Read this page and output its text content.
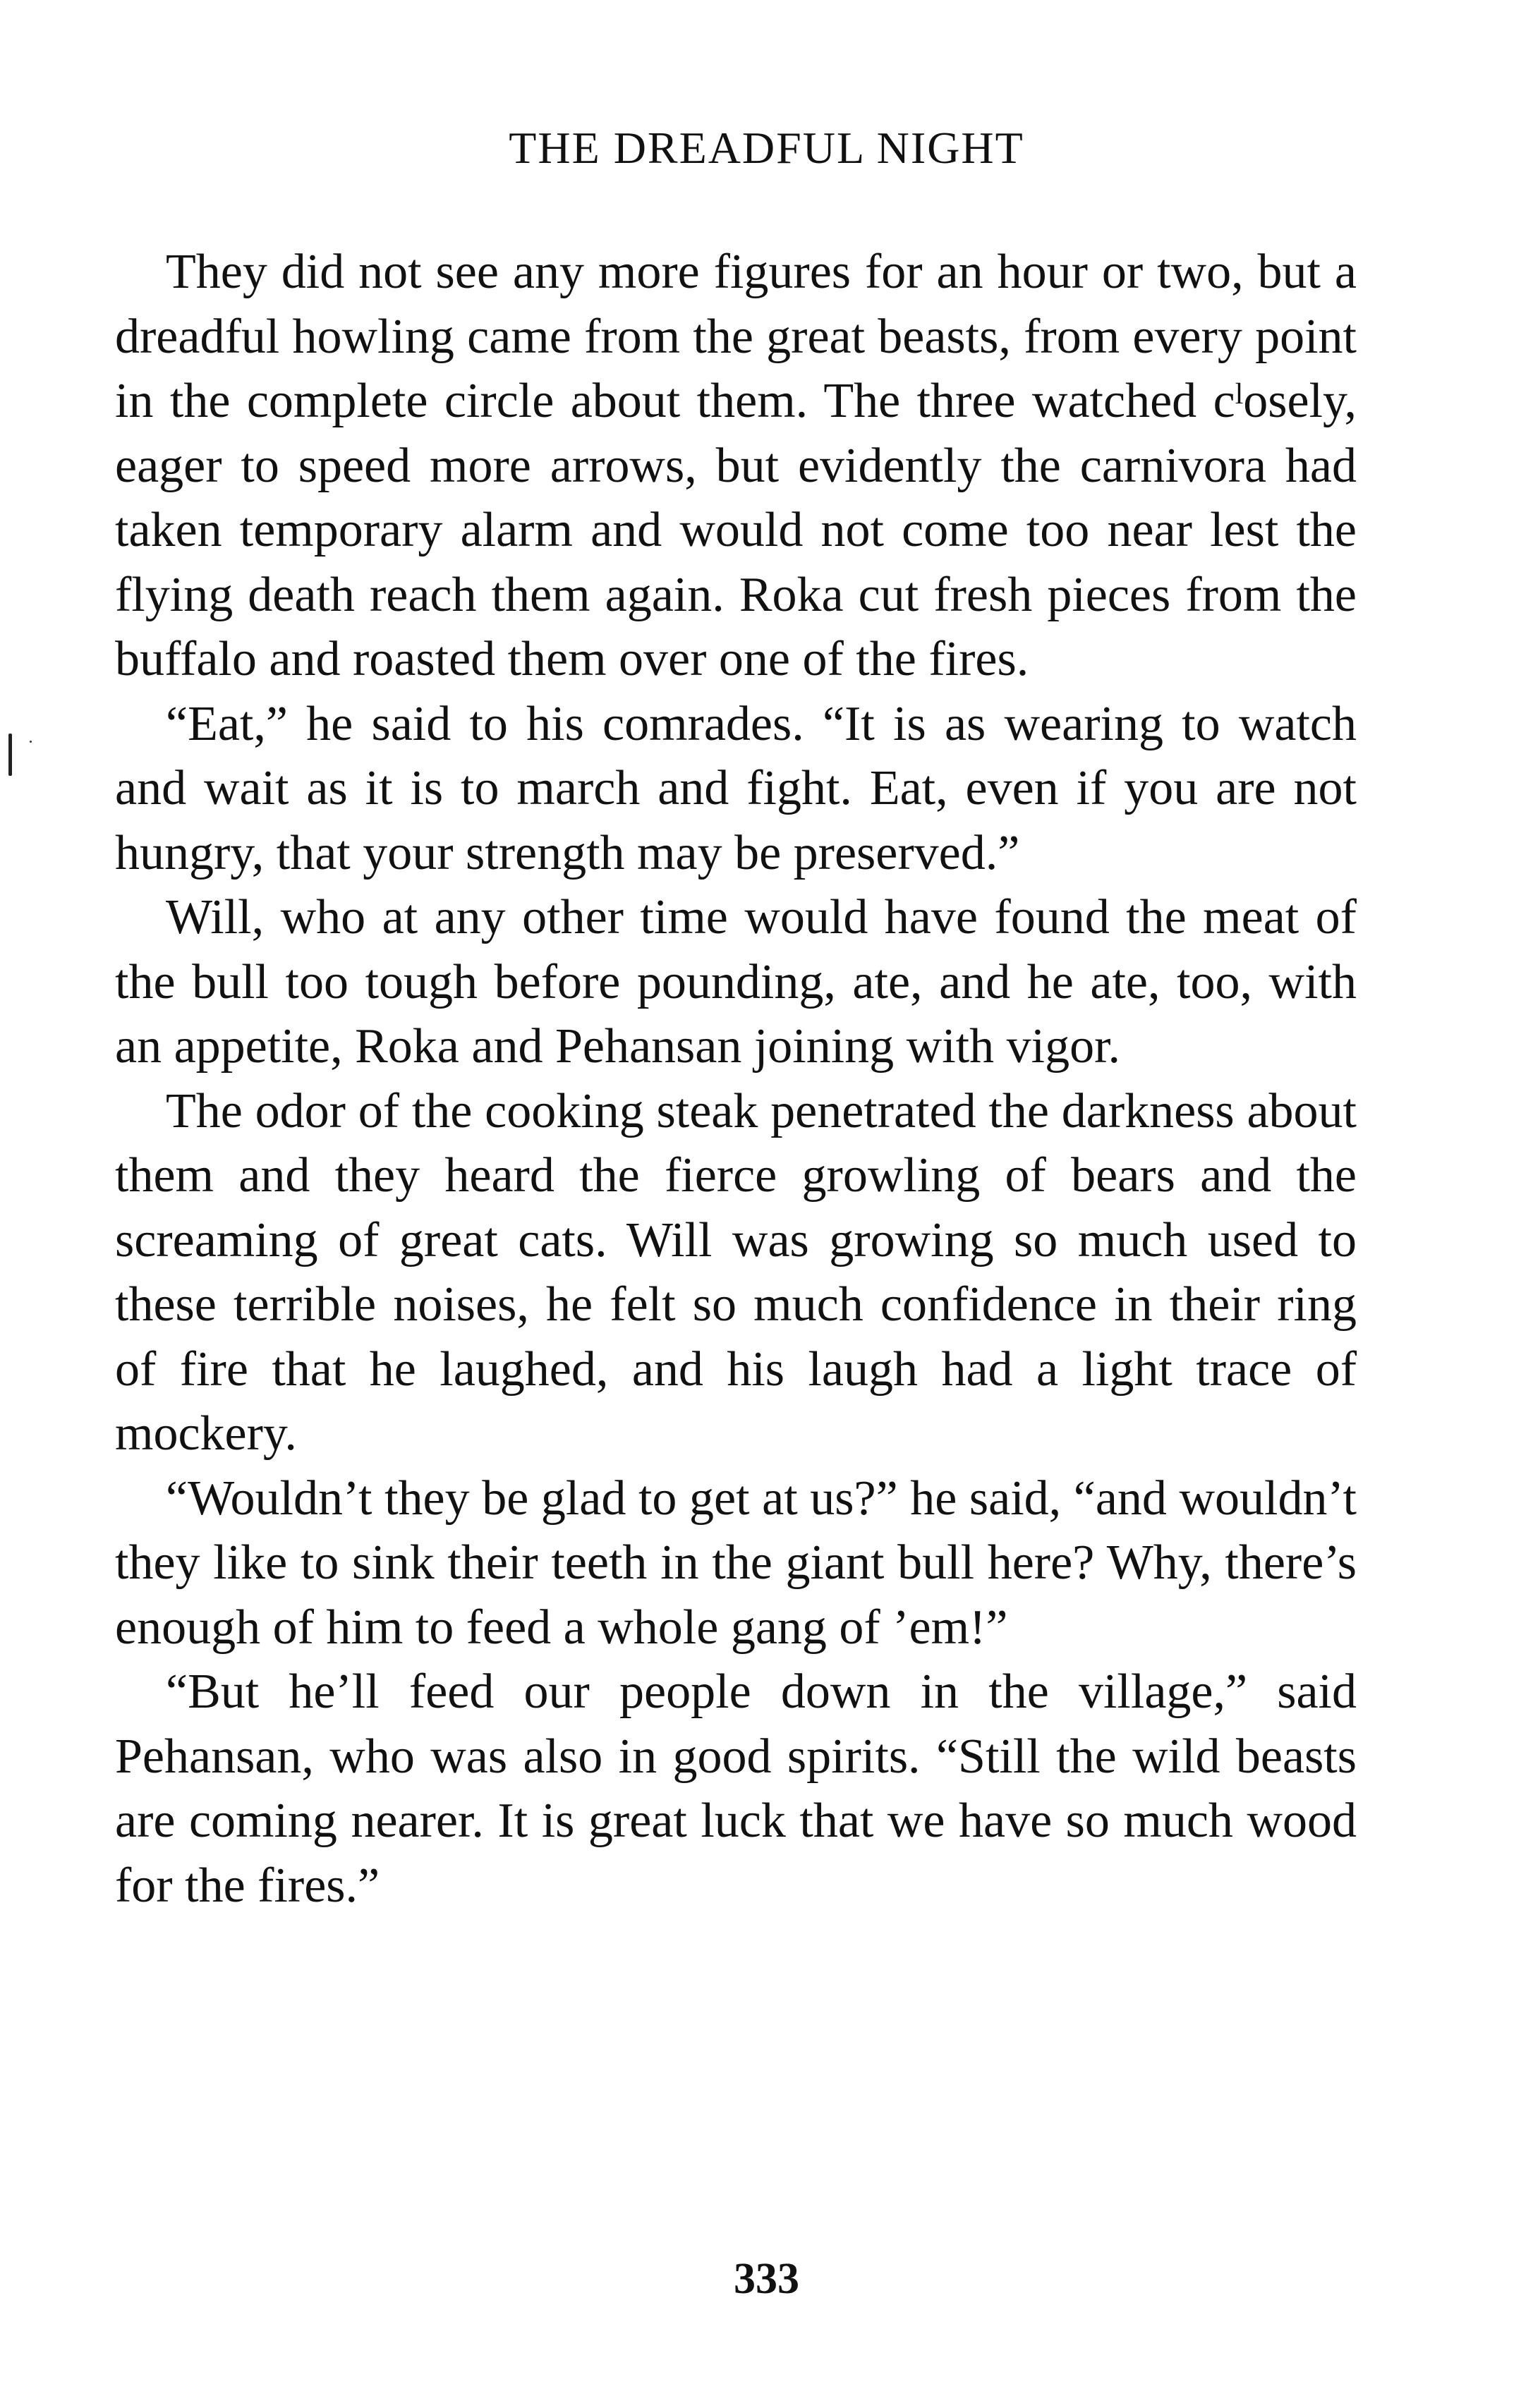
THE DREADFUL NIGHT

They did not see any more figures for an hour or two, but a dreadful howling came from the great beasts, from every point in the complete circle about them. The three watched cˡosely, eager to speed more arrows, but evidently the carnivora had taken temporary alarm and would not come too near lest the flying death reach them again. Roka cut fresh pieces from the buffalo and roasted them over one of the fires.

“Eat,” he said to his comrades. “It is as wearing to watch and wait as it is to march and fight. Eat, even if you are not hungry, that your strength may be preserved.”

Will, who at any other time would have found the meat of the bull too tough before pounding, ate, and he ate, too, with an appetite, Roka and Pehansan joining with vigor.

The odor of the cooking steak penetrated the darkness about them and they heard the fierce growling of bears and the screaming of great cats. Will was growing so much used to these terrible noises, he felt so much confidence in their ring of fire that he laughed, and his laugh had a light trace of mockery.

“Wouldn’t they be glad to get at us?” he said, “and wouldn’t they like to sink their teeth in the giant bull here? Why, there’s enough of him to feed a whole gang of ’em!”

“But he’ll feed our people down in the village,” said Pehansan, who was also in good spirits. “Still the wild beasts are coming nearer. It is great luck that we have so much wood for the fires.”

333
